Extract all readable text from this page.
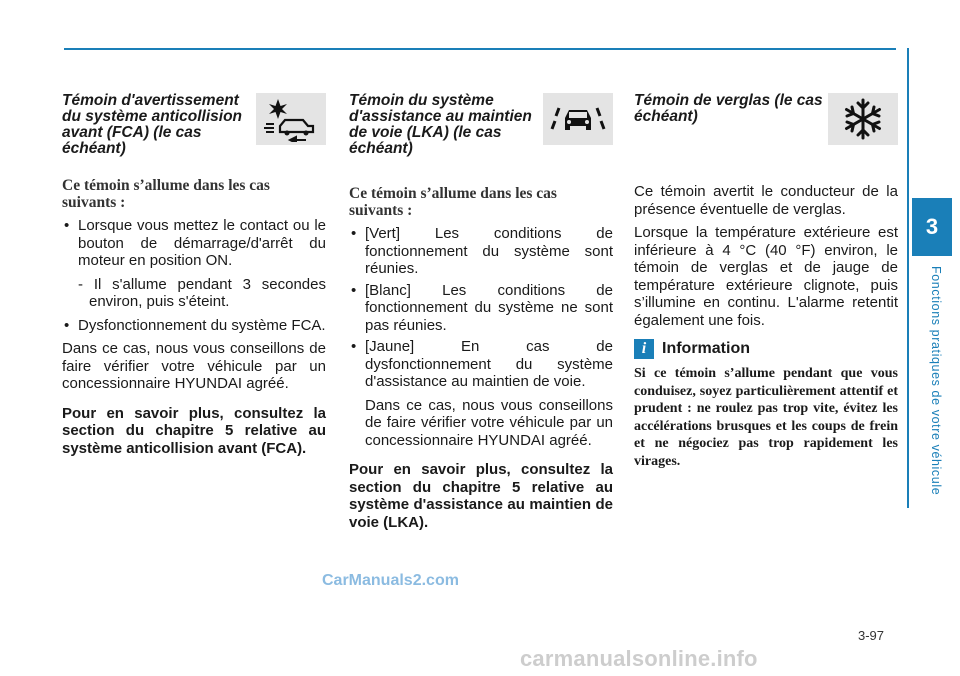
3
Fonctions pratiques de votre véhicule
Témoin d'avertissement du système anticollision avant (FCA) (le cas échéant)
Ce témoin s’allume dans les cas suivants :
• Lorsque vous mettez le contact ou le bouton de démarrage/d'arrêt du moteur en position ON.
- Il s'allume pendant 3 secondes environ, puis s'éteint.
• Dysfonctionnement du système FCA.

Dans ce cas, nous vous conseillons de faire vérifier votre véhicule par un concessionnaire HYUNDAI agréé.

Pour en savoir plus, consultez la section du chapitre 5 relative au système anticollision avant (FCA).

Témoin du système d'assistance au maintien de voie (LKA) (le cas échéant)
Ce témoin s’allume dans les cas suivants :
• [Vert] Les conditions de fonctionnement du système sont réunies.
• [Blanc] Les conditions de fonctionnement du système ne sont pas réunies.
• [Jaune] En cas de dysfonctionnement du système d'assistance au maintien de voie.

Dans ce cas, nous vous conseillons de faire vérifier votre véhicule par un concessionnaire HYUNDAI agréé.

Pour en savoir plus, consultez la section du chapitre 5 relative au système d'assistance au maintien de voie (LKA).

Témoin de verglas (le cas échéant)

Ce témoin avertit le conducteur de la présence éventuelle de verglas.

Lorsque la température extérieure est inférieure à 4 °C (40 °F) environ, le témoin de verglas et de jauge de température extérieure clignote, puis s’illumine en continu. L'alarme retentit également une fois.

i Information

Si ce témoin s’allume pendant que vous conduisez, soyez particulièrement attentif et prudent : ne roulez pas trop vite, évitez les accélérations brusques et les coups de frein et ne négociez pas trop rapidement les virages.

3-97
CarManuals2.com
carmanualsonline.info
